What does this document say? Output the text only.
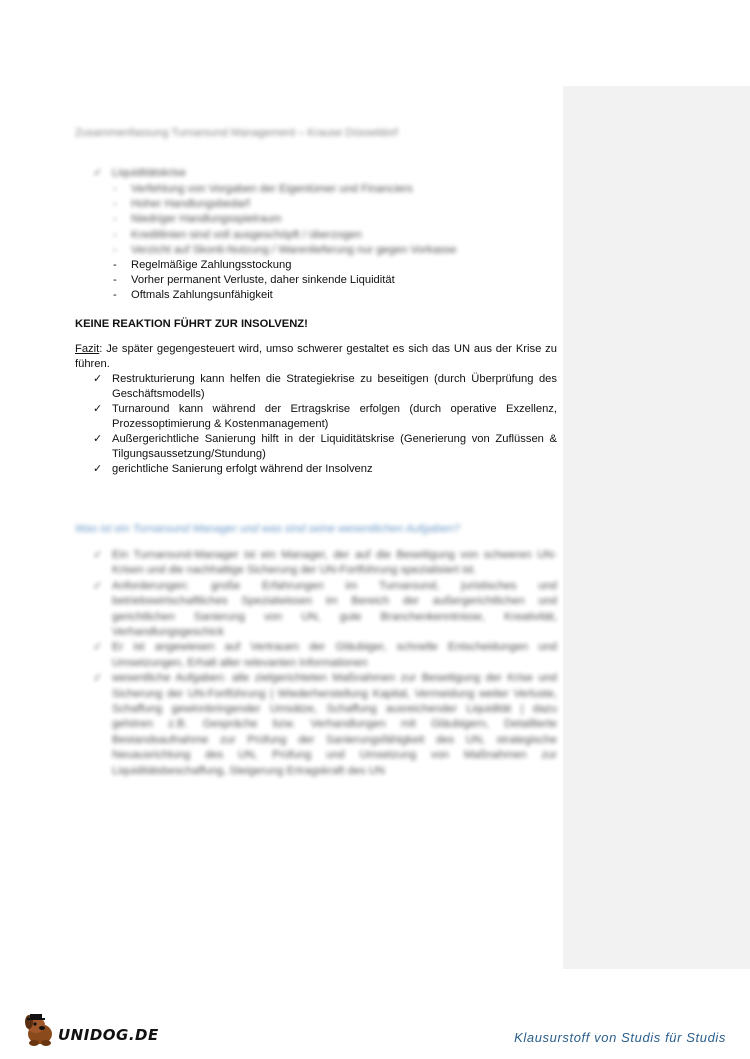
Zusammenfassung Turnaround Management – Krause Düsseldorf
✓ Liquiditätskrise
- Verfehlung von Vorgaben der Eigentümer und Financiers
- Hoher Handlungsbedarf
- Niedriger Handlungsspielraum
- Kreditlinien sind voll ausgeschöpft / überzogen
- Verzicht auf Skonti-Nutzung / Warenlieferung nur gegen Vorkasse
- Regelmäßige Zahlungsstockung
- Vorher permanent Verluste, daher sinkende Liquidität
- Oftmals Zahlungsunfähigkeit
KEINE REAKTION FÜHRT ZUR INSOLVENZ!
Fazit: Je später gegengesteuert wird, umso schwerer gestaltet es sich das UN aus der Krise zu führen.
✓ Restrukturierung kann helfen die Strategiekrise zu beseitigen (durch Überprüfung des Geschäftsmodells)
✓ Turnaround kann während der Ertragskrise erfolgen (durch operative Exzellenz, Prozessoptimierung & Kostenmanagement)
✓ Außergerichtliche Sanierung hilft in der Liquiditätskrise (Generierung von Zuflüssen & Tilgungsaussetzung/Stundung)
✓ gerichtliche Sanierung erfolgt während der Insolvenz
Was ist ein Turnaround Manager und was sind seine wesentlichen Aufgaben?
✓ Ein Turnaround-Manager ist ein Manager, der auf die Beseitigung von schweren UN-Krisen und die nachhaltige Sicherung der UN-Fortführung spezialisiert ist.
✓ Anforderungen: große Erfahrungen im Turnaround, juristisches und betriebswirtschaftliches Spezialwissen im Bereich der außergerichtlichen und gerichtlichen Sanierung von UN, gute Branchenkenntnisse, Kreativität, Verhandlungsgeschick
✓ Er ist angewiesen auf Vertrauen der Gläubiger, schnelle Entscheidungen und Umsetzungen, Erhalt aller relevanten Informationen
✓ wesentliche Aufgaben: alle zielgerichteten Maßnahmen zur Beseitigung der Krise und Sicherung der UN-Fortführung | Wiederherstellung Kapital, Vermeidung weiter Verluste, Schaffung gewinnbringender Umsätze, Schaffung ausreichender Liquidität | dazu gehören z.B. Gespräche bzw. Verhandlungen mit Gläubigern, Detaillierte Bestandsaufnahme zur Prüfung der Sanierungsfähigkeit des UN, strategische Neuausrichtung des UN, Prüfung und Umsetzung von Maßnahmen zur Liquiditätsbeschaffung, Steigerung Ertragskraft des UN
UNIDOG.DE	Klausurstoff von Studis für Studis
